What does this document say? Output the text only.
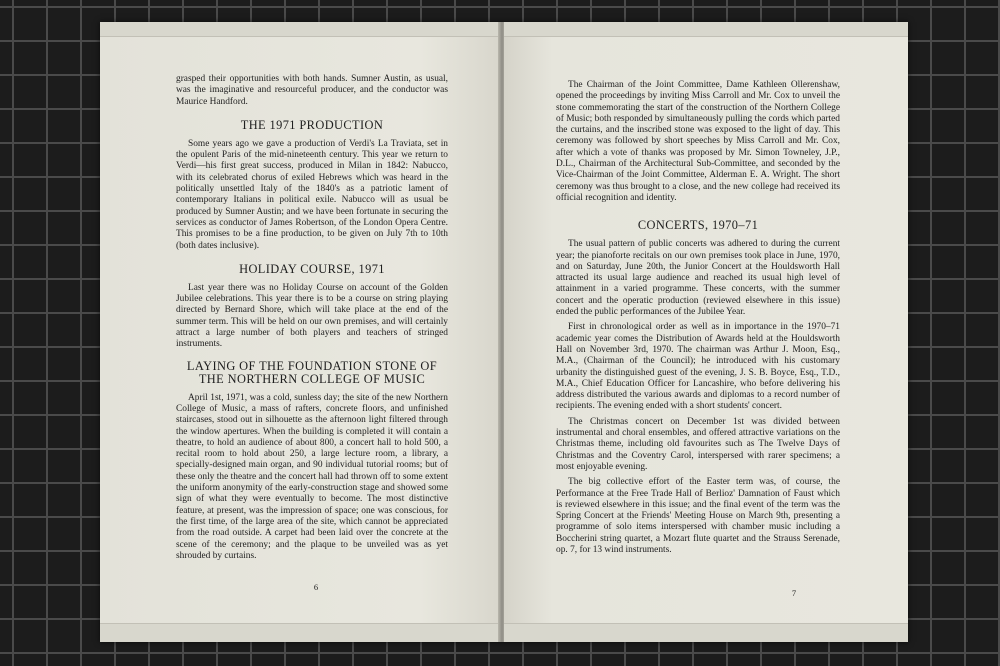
grasped their opportunities with both hands. Sumner Austin, as usual, was the imaginative and resourceful producer, and the conductor was Maurice Handford.

THE 1971 PRODUCTION

Some years ago we gave a production of Verdi's La Traviata, set in the opulent Paris of the mid-nineteenth century. This year we return to Verdi—his first great success, produced in Milan in 1842: Nabucco, with its celebrated chorus of exiled Hebrews which was heard in the politically unsettled Italy of the 1840's as a patriotic lament of contemporary Italians in political exile. Nabucco will as usual be produced by Sumner Austin; and we have been fortunate in securing the services as conductor of James Robertson, of the London Opera Centre. This promises to be a fine production, to be given on July 7th to 10th (both dates inclusive).

HOLIDAY COURSE, 1971

Last year there was no Holiday Course on account of the Golden Jubilee celebrations. This year there is to be a course on string playing directed by Bernard Shore, which will take place at the end of the summer term. This will be held on our own premises, and will certainly attract a large number of both players and teachers of stringed instruments.

LAYING OF THE FOUNDATION STONE OF THE NORTHERN COLLEGE OF MUSIC

April 1st, 1971, was a cold, sunless day; the site of the new Northern College of Music, a mass of rafters, concrete floors, and unfinished staircases, stood out in silhouette as the afternoon light filtered through the window apertures. When the building is completed it will contain a theatre, to hold an audience of about 800, a concert hall to hold 500, a recital room to hold about 250, a large lecture room, a library, a specially-designed main organ, and 90 individual tutorial rooms; but of these only the theatre and the concert hall had thrown off to some extent the uniform anonymity of the early-construction stage and showed some sign of what they were eventually to become. The most distinctive feature, at present, was the impression of space; one was conscious, for the first time, of the large area of the site, which cannot be appreciated from the road outside. A carpet had been laid over the concrete at the scene of the ceremony; and the plaque to be unveiled was as yet shrouded by curtains.

6

The Chairman of the Joint Committee, Dame Kathleen Ollerenshaw, opened the proceedings by inviting Miss Carroll and Mr. Cox to unveil the stone commemorating the start of the construction of the Northern College of Music; both responded by simultaneously pulling the cords which parted the curtains, and the inscribed stone was exposed to the light of day. This ceremony was followed by short speeches by Miss Carroll and Mr. Cox, after which a vote of thanks was proposed by Mr. Simon Towneley, J.P., D.L., Chairman of the Architectural Sub-Committee, and seconded by the Vice-Chairman of the Joint Committee, Alderman E. A. Wright. The short ceremony was thus brought to a close, and the new college had received its official recognition and identity.

CONCERTS, 1970–71

The usual pattern of public concerts was adhered to during the current year; the pianoforte recitals on our own premises took place in June, 1970, and on Saturday, June 20th, the Junior Concert at the Houldsworth Hall attracted its usual large audience and reached its usual high level of attainment in a varied programme. These concerts, with the summer concert and the operatic production (reviewed elsewhere in this issue) ended the public performances of the Jubilee Year.

First in chronological order as well as in importance in the 1970–71 academic year comes the Distribution of Awards held at the Houldsworth Hall on November 3rd, 1970. The chairman was Arthur J. Moon, Esq., M.A., (Chairman of the Council); he introduced with his customary urbanity the distinguished guest of the evening, J. S. B. Boyce, Esq., T.D., M.A., Chief Education Officer for Lancashire, who before delivering his address distributed the various awards and diplomas to a record number of recipients. The evening ended with a short students' concert.

The Christmas concert on December 1st was divided between instrumental and choral ensembles, and offered attractive variations on the Christmas theme, including old favourites such as The Twelve Days of Christmas and the Coventry Carol, interspersed with rarer specimens; a most enjoyable evening.

The big collective effort of the Easter term was, of course, the Performance at the Free Trade Hall of Berlioz' Damnation of Faust which is reviewed elsewhere in this issue; and the final event of the term was the Spring Concert at the Friends' Meeting House on March 9th, presenting a programme of solo items interspersed with chamber music including a Boccherini string quartet, a Mozart flute quartet and the Strauss Serenade, op. 7, for 13 wind instruments.

7
